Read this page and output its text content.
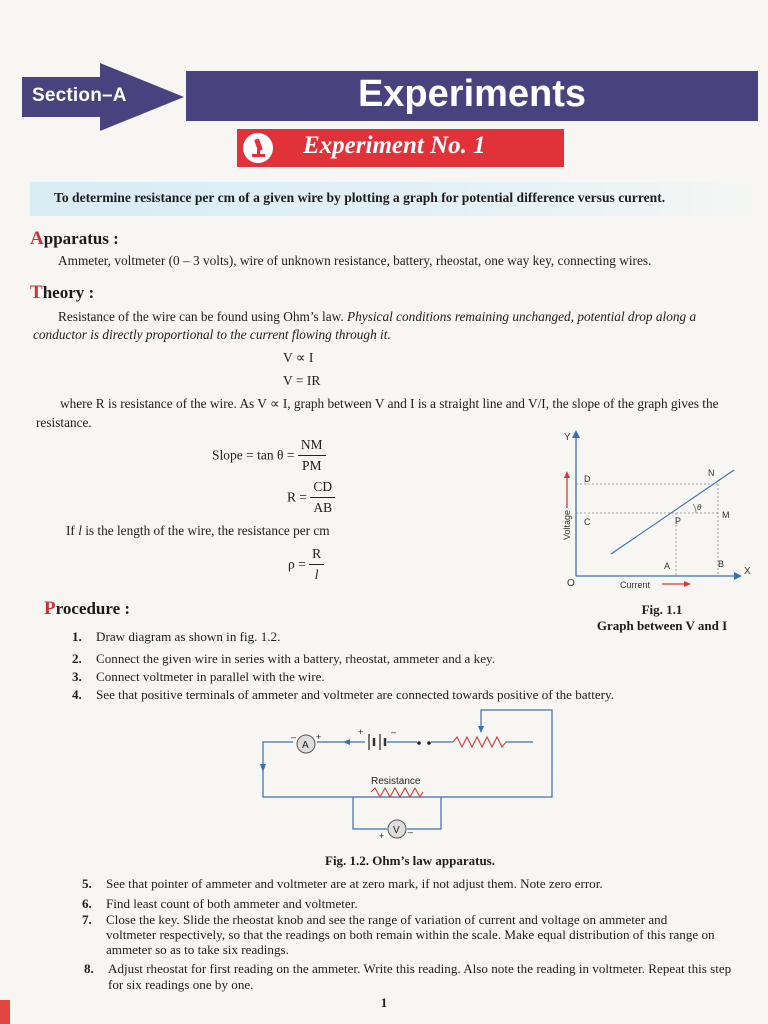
Section–A	Experiments
Experiment No. 1
To determine resistance per cm of a given wire by plotting a graph for potential difference versus current.
Apparatus :
Ammeter, voltmeter (0 – 3 volts), wire of unknown resistance, battery, rheostat, one way key, connecting wires.
Theory :
Resistance of the wire can be found using Ohm’s law. Physical conditions remaining unchanged, potential drop along a
conductor is directly proportional to the current flowing through it.
V ∝ I
V = IR
where R is resistance of the wire. As V ∝ I, graph between V and I is a straight line and V/I, the slope of the graph gives the
resistance.
Slope = $\tan \theta = \frac{NM}{PM}$
$R = \frac{CD}{AB}$
If l is the length of the wire, the resistance per cm
$\rho = \frac{R}{l}$
Y
X
O
D
N
C	P
M
A	B
θ
Voltage
Current
Fig. 1.1
Graph between V and I
Procedure :
1. Draw diagram as shown in fig. 1.2.
2. Connect the given wire in series with a battery, rheostat, ammeter and a key.
3. Connect voltmeter in parallel with the wire.
4. See that positive terminals of ammeter and voltmeter are connected towards positive of the battery.
A
– +	+	–
Resistance
V
+	–
Fig. 1.2. Ohm’s law apparatus.
5. See that pointer of ammeter and voltmeter are at zero mark, if not adjust them. Note zero error.
6. Find least count of both ammeter and voltmeter.
7. Close the key. Slide the rheostat knob and see the range of variation of current and voltage on ammeter and
voltmeter respectively, so that the readings on both remain within the scale. Make equal distribution of this range on
ammeter so as to take six readings.
8. Adjust rheostat for first reading on the ammeter. Write this reading. Also note the reading in voltmeter. Repeat this step
for six readings one by one.
1
